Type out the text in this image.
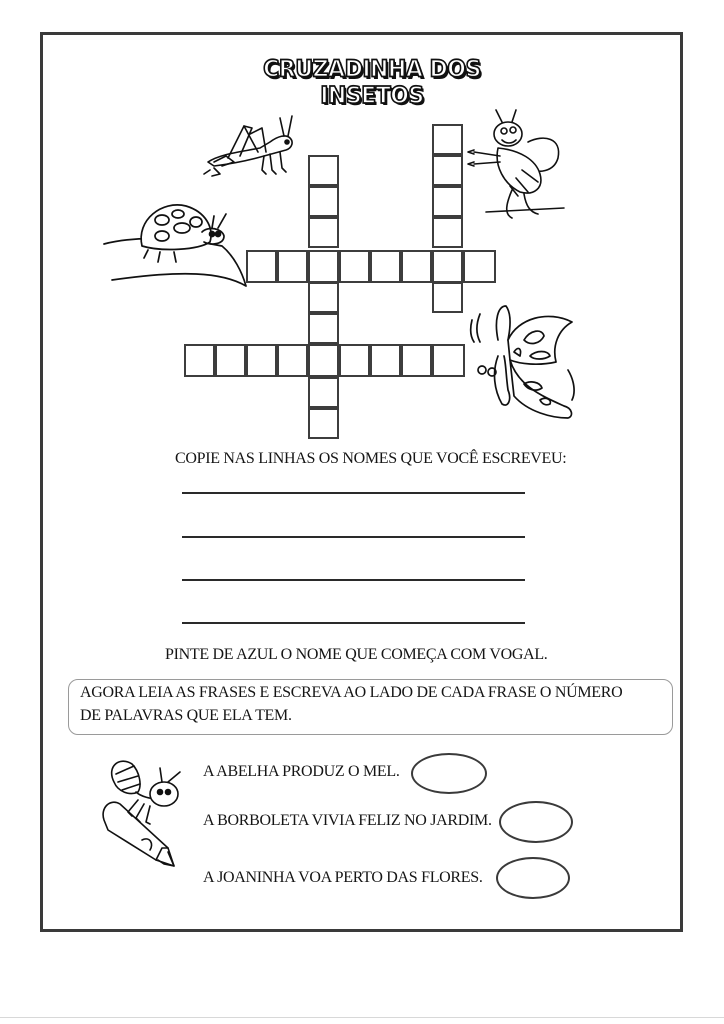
CRUZADINHA DOS INSETOS
COPIE NAS LINHAS OS NOMES QUE VOCÊ ESCREVEU:
PINTE DE AZUL O NOME QUE COMEÇA COM VOGAL.
AGORA LEIA AS FRASES E ESCREVA AO LADO DE CADA FRASE O NÚMERO
DE PALAVRAS QUE ELA TEM.
A ABELHA PRODUZ O MEL.
A BORBOLETA VIVIA FELIZ NO JARDIM.
A JOANINHA VOA PERTO DAS FLORES.
